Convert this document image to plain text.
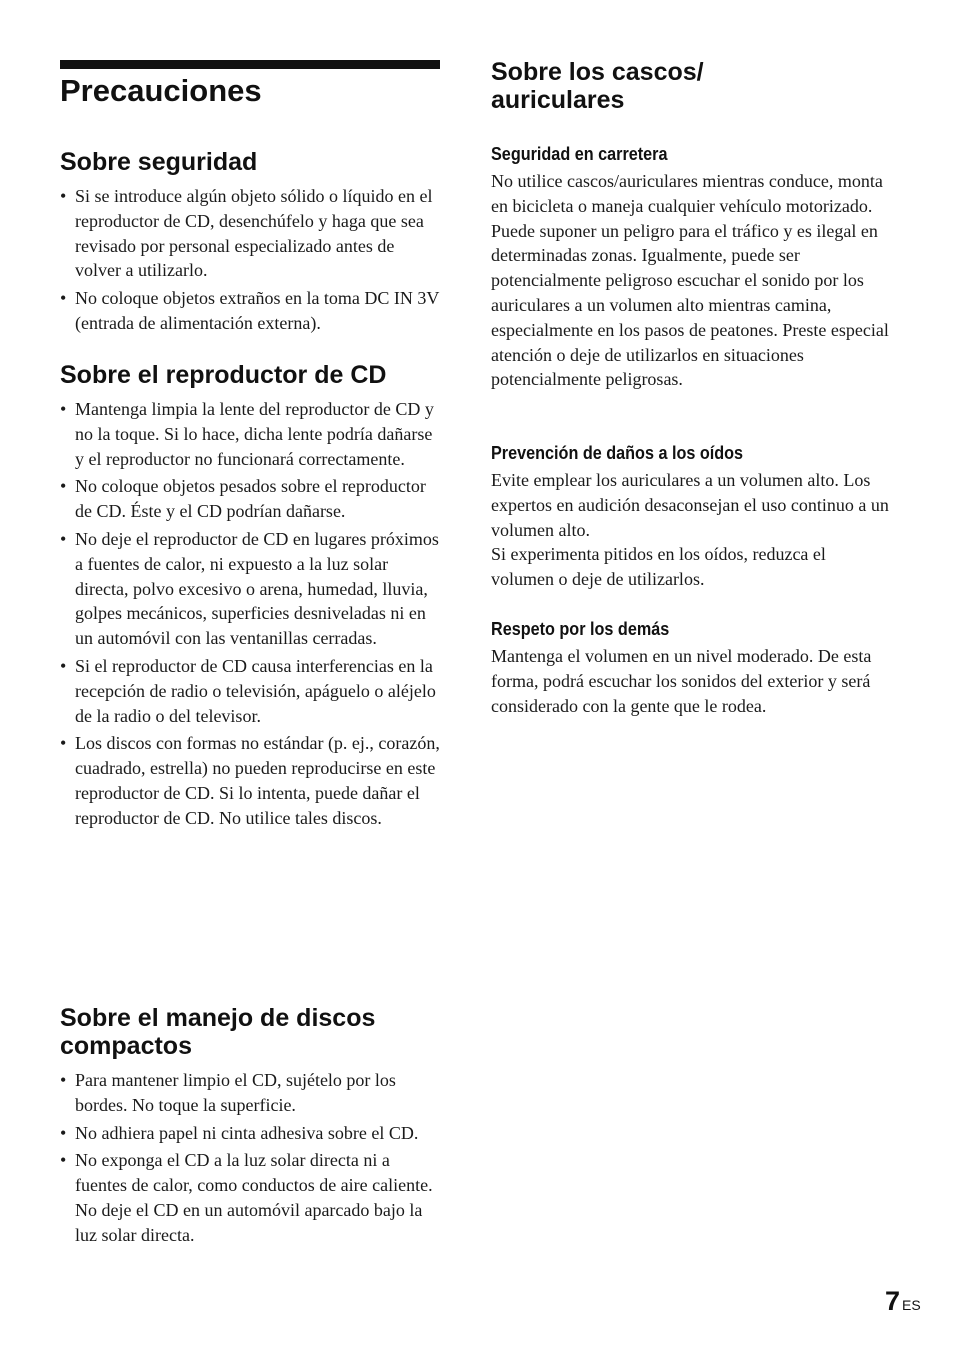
Precauciones
Sobre seguridad
• Si se introduce algún objeto sólido o líquido en el reproductor de CD, desenchúfelo y haga que sea revisado por personal especializado antes de volver a utilizarlo.
• No coloque objetos extraños en la toma DC IN 3V (entrada de alimentación externa).
Sobre el reproductor de CD
• Mantenga limpia la lente del reproductor de CD y no la toque. Si lo hace, dicha lente podría dañarse y el reproductor no funcionará correctamente.
• No coloque objetos pesados sobre el reproductor de CD. Éste y el CD podrían dañarse.
• No deje el reproductor de CD en lugares próximos a fuentes de calor, ni expuesto a la luz solar directa, polvo excesivo o arena, humedad, lluvia, golpes mecánicos, superficies desniveladas ni en un automóvil con las ventanillas cerradas.
• Si el reproductor de CD causa interferencias en la recepción de radio o televisión, apáguelo o aléjelo de la radio o del televisor.
• Los discos con formas no estándar (p. ej., corazón, cuadrado, estrella) no pueden reproducirse en este reproductor de CD. Si lo intenta, puede dañar el reproductor de CD. No utilice tales discos.
Sobre el manejo de discos compactos
• Para mantener limpio el CD, sujételo por los bordes. No toque la superficie.
• No adhiera papel ni cinta adhesiva sobre el CD.
• No exponga el CD a la luz solar directa ni a fuentes de calor, como conductos de aire caliente. No deje el CD en un automóvil aparcado bajo la luz solar directa.
Sobre los cascos/ auriculares
Seguridad en carretera

No utilice cascos/auriculares mientras conduce, monta en bicicleta o maneja cualquier vehículo motorizado. Puede suponer un peligro para el tráfico y es ilegal en determinadas zonas. Igualmente, puede ser potencialmente peligroso escuchar el sonido por los auriculares a un volumen alto mientras camina, especialmente en los pasos de peatones. Preste especial atención o deje de utilizarlos en situaciones potencialmente peligrosas.

Prevención de daños a los oídos

Evite emplear los auriculares a un volumen alto. Los expertos en audición desaconsejan el uso continuo a un volumen alto.
Si experimenta pitidos en los oídos, reduzca el volumen o deje de utilizarlos.

Respeto por los demás

Mantenga el volumen en un nivel moderado. De esta forma, podrá escuchar los sonidos del exterior y será considerado con la gente que le rodea.

7 ES
